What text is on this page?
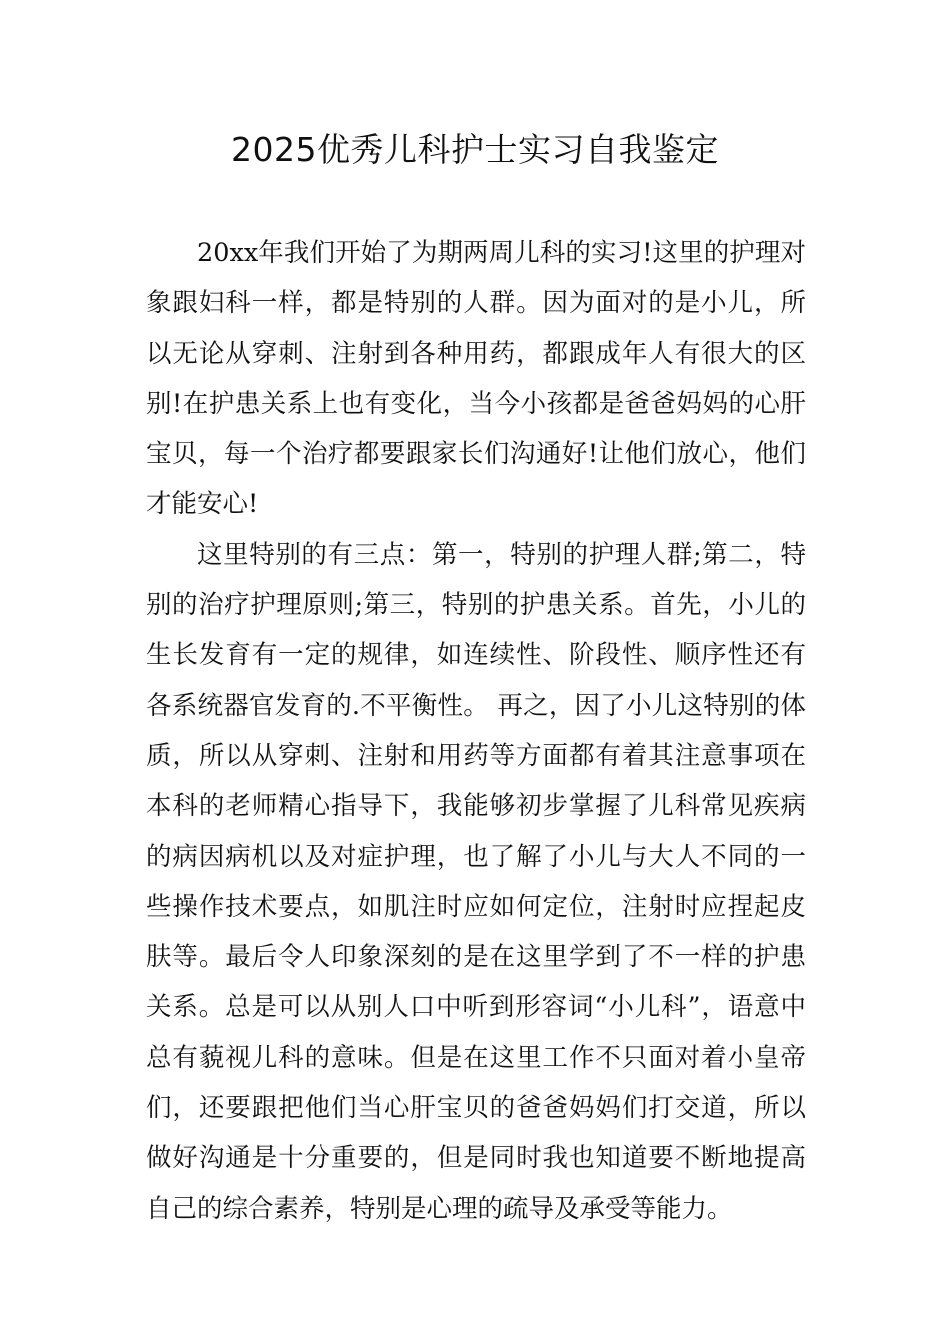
2025优秀儿科护士实习自我鉴定

20xx年我们开始了为期两周儿科的实习!这里的护理对象跟妇科一样，都是特别的人群。因为面对的是小儿，所以无论从穿刺、注射到各种用药，都跟成年人有很大的区别!在护患关系上也有变化，当今小孩都是爸爸妈妈的心肝宝贝，每一个治疗都要跟家长们沟通好!让他们放心，他们才能安心!

这里特别的有三点：第一，特别的护理人群;第二，特别的治疗护理原则;第三，特别的护患关系。首先，小儿的生长发育有一定的规律，如连续性、阶段性、顺序性还有各系统器官发育的.不平衡性。 再之，因了小儿这特别的体质，所以从穿刺、注射和用药等方面都有着其注意事项在本科的老师精心指导下，我能够初步掌握了儿科常见疾病的病因病机以及对症护理，也了解了小儿与大人不同的一些操作技术要点，如肌注时应如何定位，注射时应捏起皮肤等。最后令人印象深刻的是在这里学到了不一样的护患关系。总是可以从别人口中听到形容词“小儿科”，语意中总有藐视儿科的意味。但是在这里工作不只面对着小皇帝们，还要跟把他们当心肝宝贝的爸爸妈妈们打交道，所以做好沟通是十分重要的，但是同时我也知道要不断地提高自己的综合素养，特别是心理的疏导及承受等能力。
